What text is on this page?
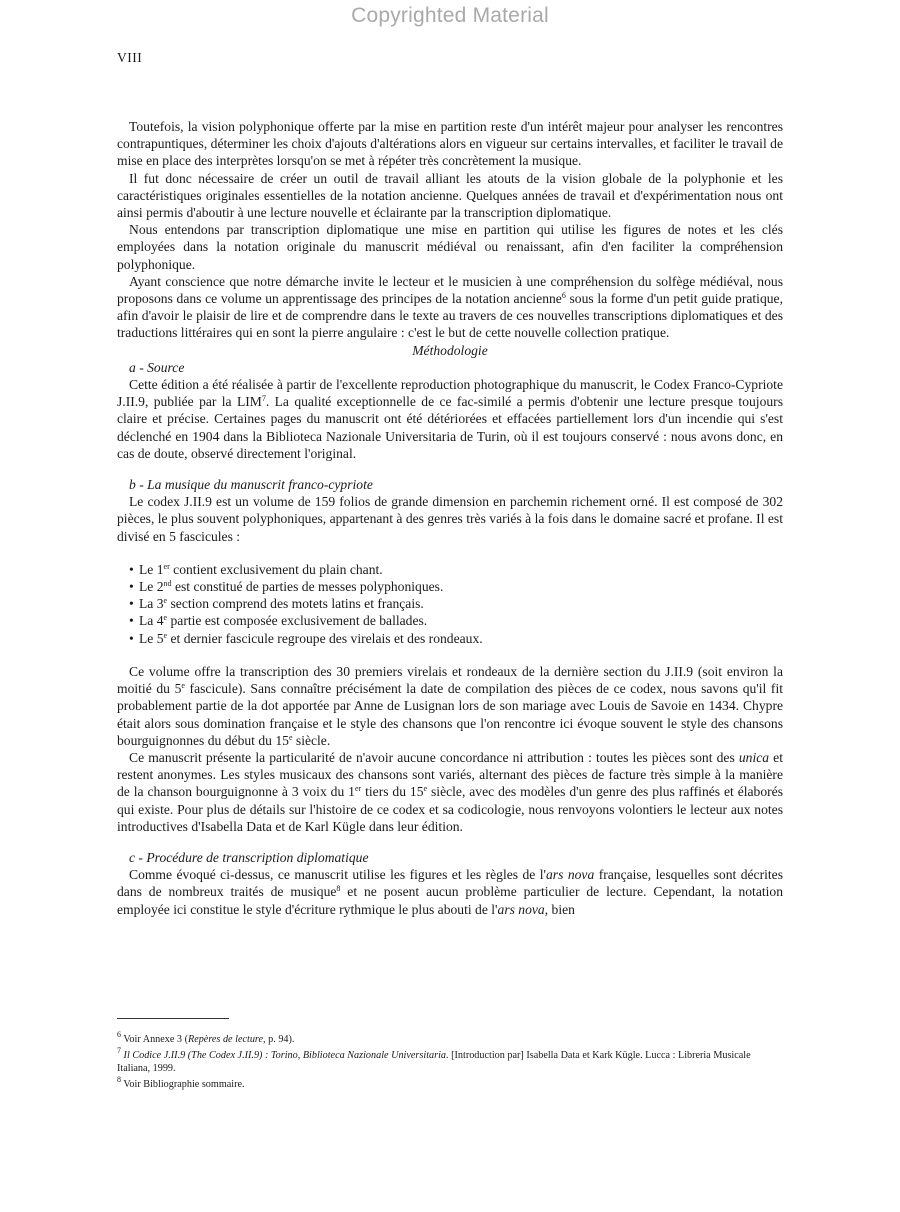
Copyrighted Material
VIII

Toutefois, la vision polyphonique offerte par la mise en partition reste d'un intérêt majeur pour analyser les rencontres contrapuntiques, déterminer les choix d'ajouts d'altérations alors en vigueur sur certains intervalles, et faciliter le travail de mise en place des interprètes lorsqu'on se met à répéter très concrètement la musique.

Il fut donc nécessaire de créer un outil de travail alliant les atouts de la vision globale de la polyphonie et les caractéristiques originales essentielles de la notation ancienne. Quelques années de travail et d'expérimentation nous ont ainsi permis d'aboutir à une lecture nouvelle et éclairante par la transcription diplomatique.

Nous entendons par transcription diplomatique une mise en partition qui utilise les figures de notes et les clés employées dans la notation originale du manuscrit médiéval ou renaissant, afin d'en faciliter la compréhension polyphonique.

Ayant conscience que notre démarche invite le lecteur et le musicien à une compréhension du solfège médiéval, nous proposons dans ce volume un apprentissage des principes de la notation ancienne$^6$ sous la forme d'un petit guide pratique, afin d'avoir le plaisir de lire et de comprendre dans le texte au travers de ces nouvelles transcriptions diplomatiques et des traductions littéraires qui en sont la pierre angulaire : c'est le but de cette nouvelle collection pratique.

Méthodologie

a - Source

Cette édition a été réalisée à partir de l'excellente reproduction photographique du manuscrit, le Codex Franco-Cypriote J.II.9, publiée par la LIM$^7$. La qualité exceptionnelle de ce fac-similé a permis d'obtenir une lecture presque toujours claire et précise. Certaines pages du manuscrit ont été détériorées et effacées partiellement lors d'un incendie qui s'est déclenché en 1904 dans la Biblioteca Nazionale Universitaria de Turin, où il est toujours conservé : nous avons donc, en cas de doute, observé directement l'original.

b - La musique du manuscrit franco-cypriote

Le codex J.II.9 est un volume de 159 folios de grande dimension en parchemin richement orné. Il est composé de 302 pièces, le plus souvent polyphoniques, appartenant à des genres très variés à la fois dans le domaine sacré et profane. Il est divisé en 5 fascicules :

• Le 1er contient exclusivement du plain chant.
• Le 2nd est constitué de parties de messes polyphoniques.
• La 3e section comprend des motets latins et français.
• La 4e partie est composée exclusivement de ballades.
• Le 5e et dernier fascicule regroupe des virelais et des rondeaux.

Ce volume offre la transcription des 30 premiers virelais et rondeaux de la dernière section du J.II.9 (soit environ la moitié du 5e fascicule). Sans connaître précisément la date de compilation des pièces de ce codex, nous savons qu'il fit probablement partie de la dot apportée par Anne de Lusignan lors de son mariage avec Louis de Savoie en 1434. Chypre était alors sous domination française et le style des chansons que l'on rencontre ici évoque souvent le style des chansons bourguignonnes du début du 15e siècle.

Ce manuscrit présente la particularité de n'avoir aucune concordance ni attribution : toutes les pièces sont des unica et restent anonymes. Les styles musicaux des chansons sont variés, alternant des pièces de facture très simple à la manière de la chanson bourguignonne à 3 voix du 1er tiers du 15e siècle, avec des modèles d'un genre des plus raffinés et élaborés qui existe. Pour plus de détails sur l'histoire de ce codex et sa codicologie, nous renvoyons volontiers le lecteur aux notes introductives d'Isabella Data et de Karl Kügle dans leur édition.

c - Procédure de transcription diplomatique

Comme évoqué ci-dessus, ce manuscrit utilise les figures et les règles de l'ars nova française, lesquelles sont décrites dans de nombreux traités de musique$^8$ et ne posent aucun problème particulier de lecture. Cependant, la notation employée ici constitue le style d'écriture rythmique le plus abouti de l'ars nova, bien

$^6$ Voir Annexe 3 (Repères de lecture, p. 94).

$^7$ Il Codice J.II.9 (The Codex J.II.9) : Torino, Biblioteca Nazionale Universitaria. [Introduction par] Isabella Data et Kark Kügle. Lucca : Libreria Musicale Italiana, 1999.

$^8$ Voir Bibliographie sommaire.
